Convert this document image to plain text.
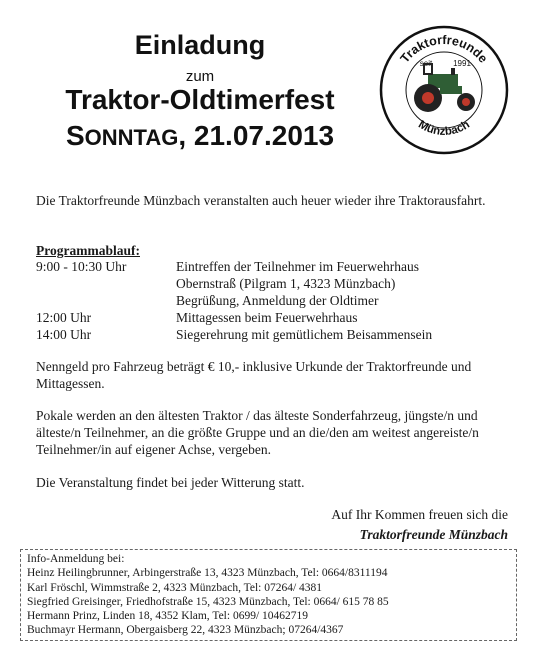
Einladung
zum
Traktor-Oldtimerfest
SONNTAG, 21.07.2013
Traktorfreunde
Münzbach
seit	1991
Die Traktorfreunde Münzbach veranstalten auch heuer wieder ihre Traktorausfahrt.
Programmablauf:
9:00 - 10:30 Uhr	Eintreffen der Teilnehmer im Feuerwehrhaus
Obernstraß (Pilgram 1, 4323 Münzbach)
Begrüßung, Anmeldung der Oldtimer
12:00 Uhr	Mittagessen beim Feuerwehrhaus
14:00 Uhr	Siegerehrung mit gemütlichem Beisammensein
Nenngeld pro Fahrzeug beträgt € 10,- inklusive Urkunde der Traktorfreunde und Mittagessen.
Pokale werden an den ältesten Traktor / das älteste Sonderfahrzeug, jüngste/n und älteste/n Teilnehmer, an die größte Gruppe und an die/den am weitest angereiste/n Teilnehmer/in auf eigener Achse, vergeben.
Die Veranstaltung findet bei jeder Witterung statt.
Auf Ihr Kommen freuen sich die
Traktorfreunde Münzbach
Info-Anmeldung bei:
Heinz Heilingbrunner, Arbingerstraße 13, 4323 Münzbach, Tel: 0664/8311194
Karl Fröschl, Wimmstraße 2, 4323 Münzbach, Tel: 07264/ 4381
Siegfried Greisinger, Friedhofstraße 15, 4323 Münzbach, Tel: 0664/ 615 78 85
Hermann Prinz, Linden 18, 4352 Klam, Tel: 0699/ 10462719
Buchmayr Hermann, Obergaisberg 22, 4323 Münzbach; 07264/4367
